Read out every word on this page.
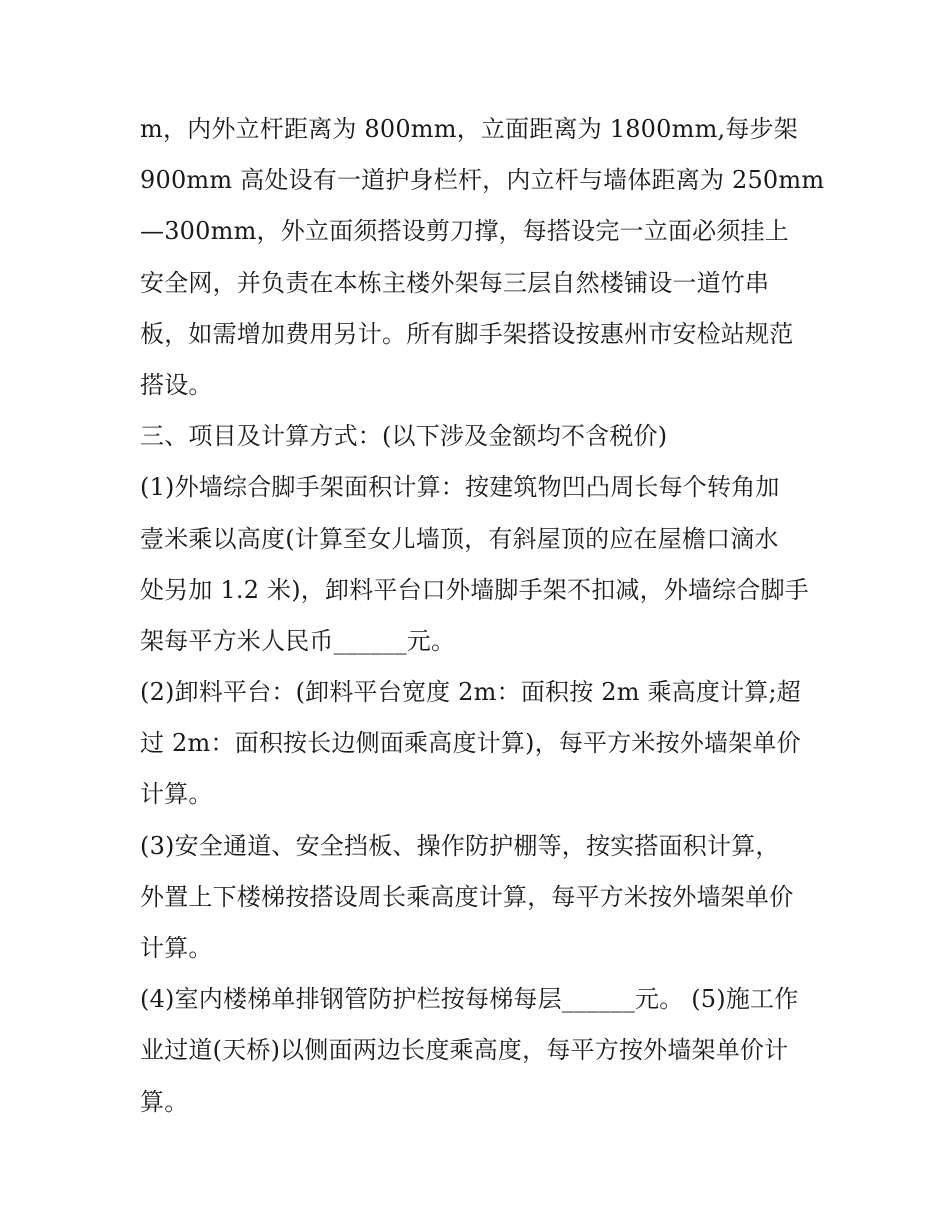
m，内外立杆距离为 800mm，立面距离为 1800mm,每步架
900mm 高处设有一道护身栏杆，内立杆与墙体距离为 250mm
—300mm，外立面须搭设剪刀撑，每搭设完一立面必须挂上
安全网，并负责在本栋主楼外架每三层自然楼铺设一道竹串
板，如需增加费用另计。所有脚手架搭设按惠州市安检站规范
搭设。
三、项目及计算方式：(以下涉及金额均不含税价)
(1)外墙综合脚手架面积计算：按建筑物凹凸周长每个转角加
壹米乘以高度(计算至女儿墙顶，有斜屋顶的应在屋檐口滴水
处另加 1.2 米)，卸料平台口外墙脚手架不扣减，外墙综合脚手
架每平方米人民币______元。
(2)卸料平台：(卸料平台宽度 2m：面积按 2m 乘高度计算;超
过 2m：面积按长边侧面乘高度计算)，每平方米按外墙架单价
计算。
(3)安全通道、安全挡板、操作防护棚等，按实搭面积计算，
外置上下楼梯按搭设周长乘高度计算，每平方米按外墙架单价
计算。
(4)室内楼梯单排钢管防护栏按每梯每层______元。 (5)施工作
业过道(天桥)以侧面两边长度乘高度，每平方按外墙架单价计
算。
